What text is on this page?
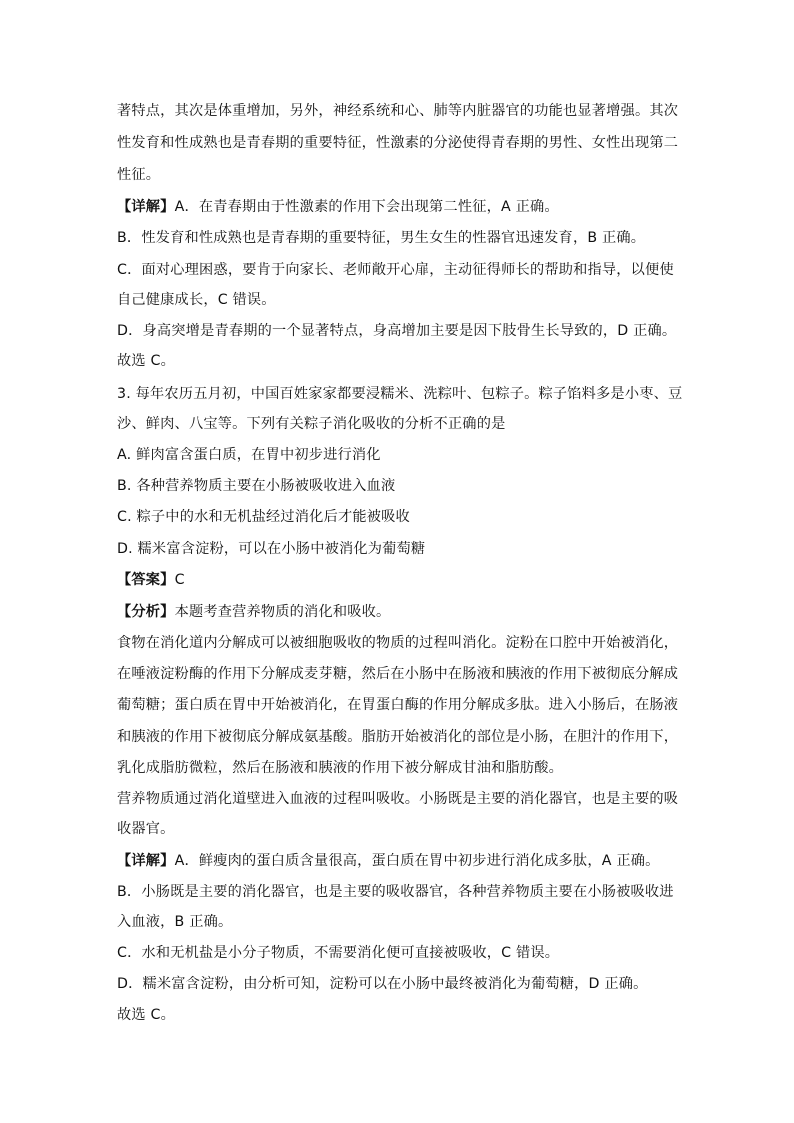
著特点，其次是体重增加，另外，神经系统和心、肺等内脏器官的功能也显著增强。其次
性发育和性成熟也是青春期的重要特征，性激素的分泌使得青春期的男性、女性出现第二
性征。
【详解】A．在青春期由于性激素的作用下会出现第二性征，A 正确。
B．性发育和性成熟也是青春期的重要特征，男生女生的性器官迅速发育，B 正确。
C．面对心理困惑，要肯于向家长、老师敞开心扉，主动征得师长的帮助和指导，以便使
自己健康成长，C 错误。
D．身高突增是青春期的一个显著特点，身高增加主要是因下肢骨生长导致的，D 正确。
故选 C。
3. 每年农历五月初，中国百姓家家都要浸糯米、洗粽叶、包粽子。粽子馅料多是小枣、豆
沙、鲜肉、八宝等。下列有关粽子消化吸收的分析不正确的是
A. 鲜肉富含蛋白质，在胃中初步进行消化
B. 各种营养物质主要在小肠被吸收进入血液
C. 粽子中的水和无机盐经过消化后才能被吸收
D. 糯米富含淀粉，可以在小肠中被消化为葡萄糖
【答案】C
【分析】本题考查营养物质的消化和吸收。
食物在消化道内分解成可以被细胞吸收的物质的过程叫消化。淀粉在口腔中开始被消化，
在唾液淀粉酶的作用下分解成麦芽糖，然后在小肠中在肠液和胰液的作用下被彻底分解成
葡萄糖；蛋白质在胃中开始被消化，在胃蛋白酶的作用分解成多肽。进入小肠后，在肠液
和胰液的作用下被彻底分解成氨基酸。脂肪开始被消化的部位是小肠，在胆汁的作用下，
乳化成脂肪微粒，然后在肠液和胰液的作用下被分解成甘油和脂肪酸。
营养物质通过消化道壁进入血液的过程叫吸收。小肠既是主要的消化器官，也是主要的吸
收器官。
【详解】A．鲜瘦肉的蛋白质含量很高，蛋白质在胃中初步进行消化成多肽，A 正确。
B．小肠既是主要的消化器官，也是主要的吸收器官，各种营养物质主要在小肠被吸收进
入血液，B 正确。
C．水和无机盐是小分子物质，不需要消化便可直接被吸收，C 错误。
D．糯米富含淀粉，由分析可知，淀粉可以在小肠中最终被消化为葡萄糖，D 正确。
故选 C。
